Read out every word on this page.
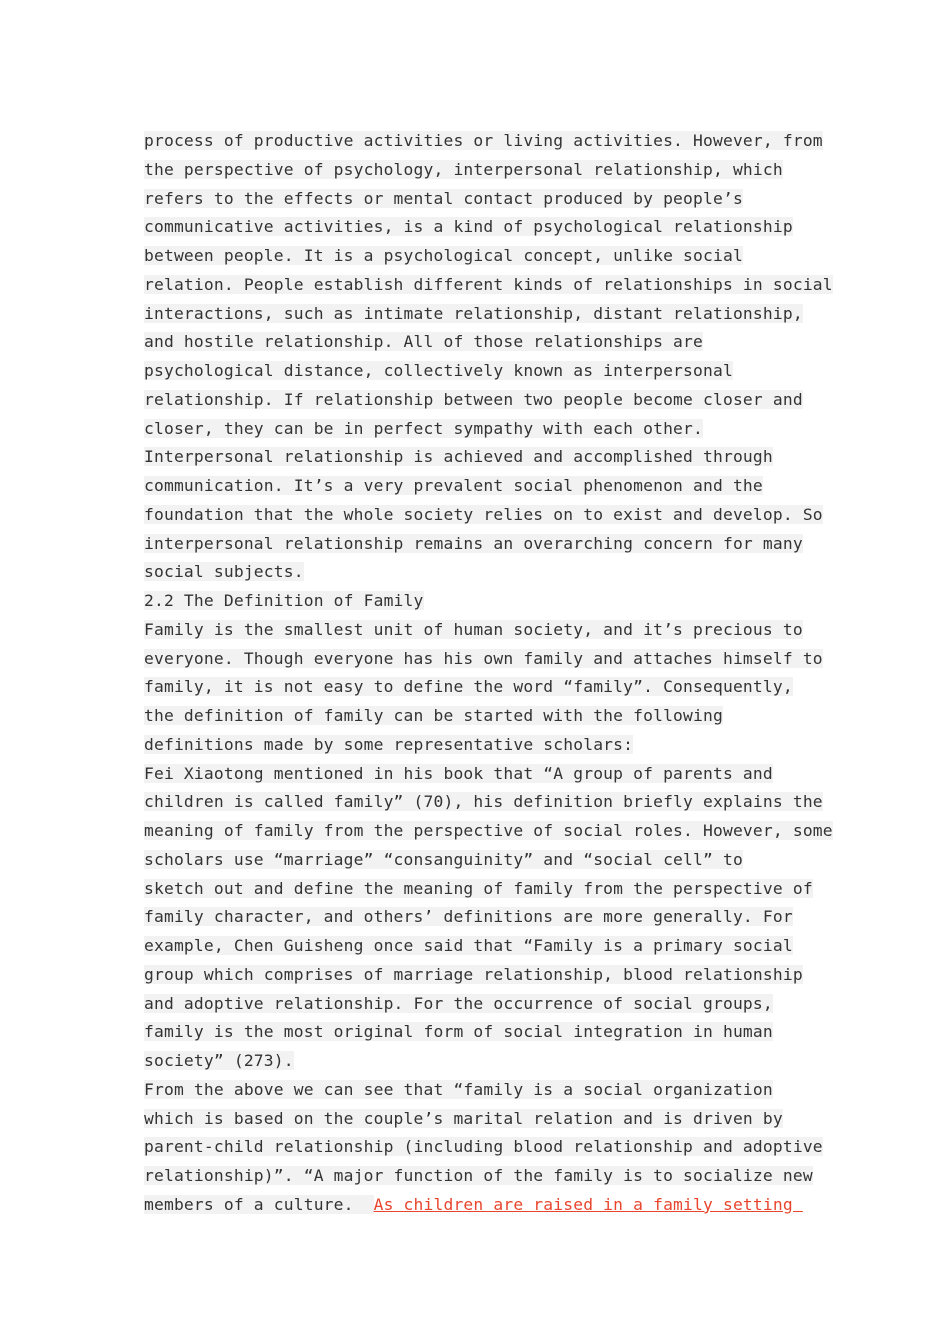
process of productive activities or living activities. However, from
the perspective of psychology, interpersonal relationship, which
refers to the effects or mental contact produced by people’s
communicative activities, is a kind of psychological relationship
between people. It is a psychological concept, unlike social
relation. People establish different kinds of relationships in social
interactions, such as intimate relationship, distant relationship,
and hostile relationship. All of those relationships are
psychological distance, collectively known as interpersonal
relationship. If relationship between two people become closer and
closer, they can be in perfect sympathy with each other.
Interpersonal relationship is achieved and accomplished through
communication. It’s a very prevalent social phenomenon and the
foundation that the whole society relies on to exist and develop. So
interpersonal relationship remains an overarching concern for many
social subjects.
2.2 The Definition of Family
Family is the smallest unit of human society, and it’s precious to
everyone. Though everyone has his own family and attaches himself to
family, it is not easy to define the word “family”. Consequently,
the definition of family can be started with the following
definitions made by some representative scholars:
Fei Xiaotong mentioned in his book that “A group of parents and
children is called family” (70), his definition briefly explains the
meaning of family from the perspective of social roles. However, some
scholars use “marriage” “consanguinity” and “social cell” to
sketch out and define the meaning of family from the perspective of
family character, and others’ definitions are more generally. For
example, Chen Guisheng once said that “Family is a primary social
group which comprises of marriage relationship, blood relationship
and adoptive relationship. For the occurrence of social groups,
family is the most original form of social integration in human
society” (273).
From the above we can see that “family is a social organization
which is based on the couple’s marital relation and is driven by
parent-child relationship (including blood relationship and adoptive
relationship)”. “A major function of the family is to socialize new
members of a culture.  As children are raised in a family setting
